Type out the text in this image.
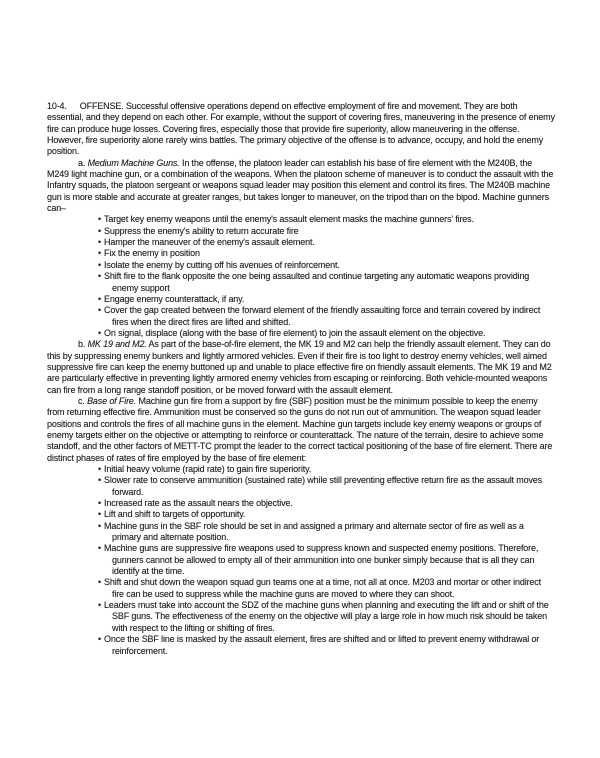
10-4. OFFENSE. Successful offensive operations depend on effective employment of fire and movement. They are both essential, and they depend on each other. For example, without the support of covering fires, maneuvering in the presence of enemy fire can produce huge losses. Covering fires, especially those that provide fire superiority, allow maneuvering in the offense. However, fire superiority alone rarely wins battles. The primary objective of the offense is to advance, occupy, and hold the enemy position.

a. Medium Machine Guns. In the offense, the platoon leader can establish his base of fire element with the M240B, the M249 light machine gun, or a combination of the weapons. When the platoon scheme of maneuver is to conduct the assault with the Infantry squads, the platoon sergeant or weapons squad leader may position this element and control its fires. The M240B machine gun is more stable and accurate at greater ranges, but takes longer to maneuver, on the tripod than on the bipod. Machine gunners can–

• Target key enemy weapons until the enemy's assault element masks the machine gunners' fires.
• Suppress the enemy's ability to return accurate fire
• Hamper the maneuver of the enemy's assault element.
• Fix the enemy in position
• Isolate the enemy by cutting off his avenues of reinforcement.
• Shift fire to the flank opposite the one being assaulted and continue targeting any automatic weapons providing enemy support
• Engage enemy counterattack, if any.
• Cover the gap created between the forward element of the friendly assaulting force and terrain covered by indirect fires when the direct fires are lifted and shifted.
• On signal, displace (along with the base of fire element) to join the assault element on the objective.

b. MK 19 and M2. As part of the base-of-fire element, the MK 19 and M2 can help the friendly assault element. They can do this by suppressing enemy bunkers and lightly armored vehicles. Even if their fire is too light to destroy enemy vehicles, well aimed suppressive fire can keep the enemy buttoned up and unable to place effective fire on friendly assault elements. The MK 19 and M2 are particularly effective in preventing lightly armored enemy vehicles from escaping or reinforcing. Both vehicle-mounted weapons can fire from a long range standoff position, or be moved forward with the assault element.

c. Base of Fire. Machine gun fire from a support by fire (SBF) position must be the minimum possible to keep the enemy from returning effective fire. Ammunition must be conserved so the guns do not run out of ammunition. The weapon squad leader positions and controls the fires of all machine guns in the element. Machine gun targets include key enemy weapons or groups of enemy targets either on the objective or attempting to reinforce or counterattack. The nature of the terrain, desire to achieve some standoff, and the other factors of METT-TC prompt the leader to the correct tactical positioning of the base of fire element. There are distinct phases of rates of fire employed by the base of fire element:

• Initial heavy volume (rapid rate) to gain fire superiority.
• Slower rate to conserve ammunition (sustained rate) while still preventing effective return fire as the assault moves forward.
• Increased rate as the assault nears the objective.
• Lift and shift to targets of opportunity.
• Machine guns in the SBF role should be set in and assigned a primary and alternate sector of fire as well as a primary and alternate position.
• Machine guns are suppressive fire weapons used to suppress known and suspected enemy positions. Therefore, gunners cannot be allowed to empty all of their ammunition into one bunker simply because that is all they can identify at the time.
• Shift and shut down the weapon squad gun teams one at a time, not all at once. M203 and mortar or other indirect fire can be used to suppress while the machine guns are moved to where they can shoot.
• Leaders must take into account the SDZ of the machine guns when planning and executing the lift and or shift of the SBF guns. The effectiveness of the enemy on the objective will play a large role in how much risk should be taken with respect to the lifting or shifting of fires.
• Once the SBF line is masked by the assault element, fires are shifted and or lifted to prevent enemy withdrawal or reinforcement.
